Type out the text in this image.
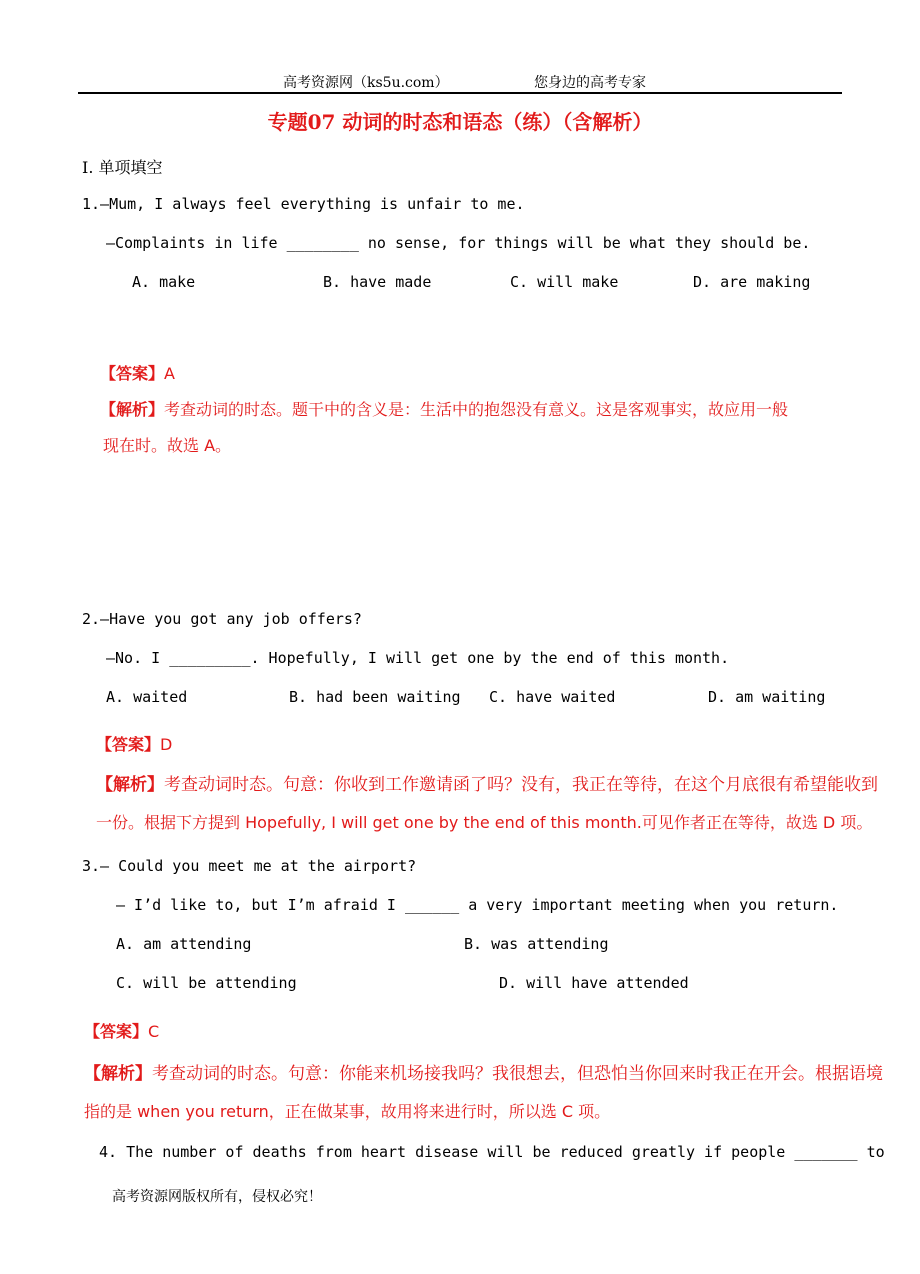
高考资源网（ks5u.com）	您身边的高考专家
专题07 动词的时态和语态（练）（含解析）
I. 单项填空
1.—Mum, I always feel everything is unfair to me.
—Complaints in life ________ no sense, for things will be what they should be.
A. make	B. have made	C. will make	D. are making
【答案】A
【解析】考查动词的时态。题干中的含义是：生活中的抱怨没有意义。这是客观事实，故应用一般
现在时。故选 A。
2.—Have you got any job offers?
—No. I _________. Hopefully, I will get one by the end of this month.
A. waited	B. had been waiting C. have waited	D. am waiting
【答案】D
【解析】考查动词时态。句意：你收到工作邀请函了吗？没有，我正在等待，在这个月底很有希望能收到
一份。根据下方提到 Hopefully, I will get one by the end of this month.可见作者正在等待，故选 D 项。
3.— Could you meet me at the airport?
— I’d like to, but I’m afraid I ______ a very important meeting when you return.
A. am attending	B. was attending
C. will be attending	D. will have attended
【答案】C
【解析】考查动词的时态。句意：你能来机场接我吗？我很想去，但恐怕当你回来时我正在开会。根据语境
指的是 when you return，正在做某事，故用将来进行时，所以选 C 项。
4. The number of deaths from heart disease will be reduced greatly if people _______ to
高考资源网版权所有，侵权必究！
